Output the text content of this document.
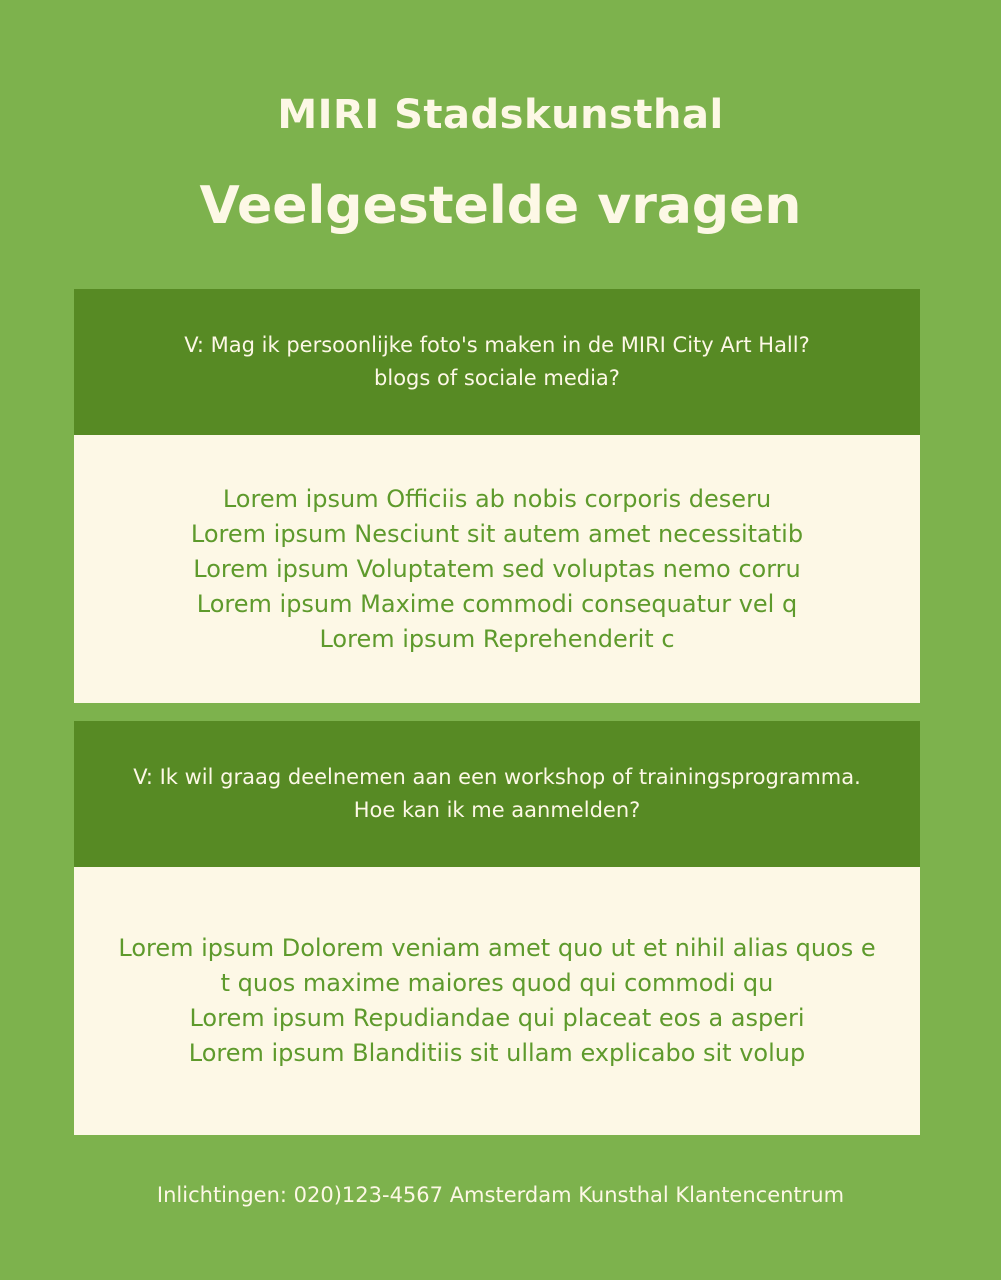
MIRI Stadskunsthal
Veelgestelde vragen
V: Mag ik persoonlijke foto's maken in de MIRI City Art Hall?
blogs of sociale media?
Lorem ipsum Officiis ab nobis corporis deseru
Lorem ipsum Nesciunt sit autem amet necessitatib
Lorem ipsum Voluptatem sed voluptas nemo corru
Lorem ipsum Maxime commodi consequatur vel q
Lorem ipsum Reprehenderit c
V: Ik wil graag deelnemen aan een workshop of trainingsprogramma.
Hoe kan ik me aanmelden?
Lorem ipsum Dolorem veniam amet quo ut et nihil alias quos e
t quos maxime maiores quod qui commodi qu
Lorem ipsum Repudiandae qui placeat eos a asperi
Lorem ipsum Blanditiis sit ullam explicabo sit volup
Inlichtingen: 020)123-4567 Amsterdam Kunsthal Klantencentrum
